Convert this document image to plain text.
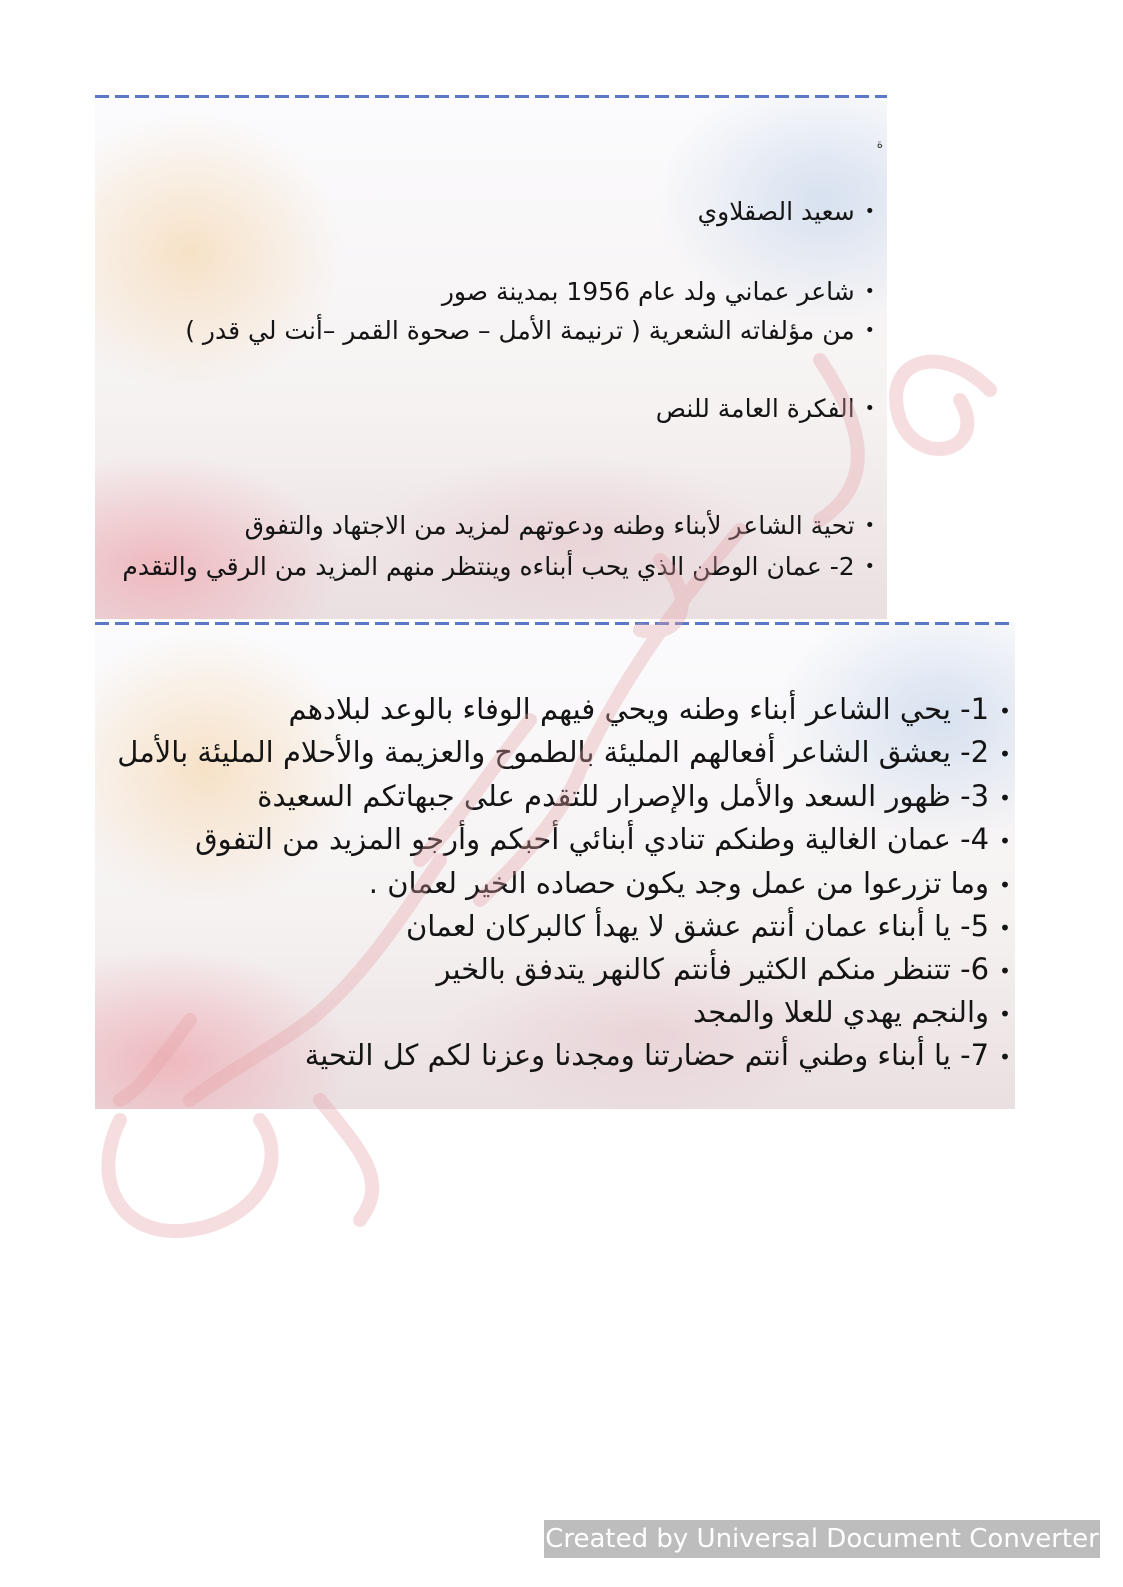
ة
•سعيد الصقلاوي
•شاعر عماني ولد عام 1956 بمدينة صور
•من مؤلفاته الشعرية ( ترنيمة الأمل – صحوة القمر –أنت لي قدر )
•الفكرة العامة للنص
•تحية الشاعر لأبناء وطنه ودعوتهم لمزيد من الاجتهاد والتفوق
•2- عمان الوطن الذي يحب أبناءه وينتظر منهم المزيد من الرقي والتقدم
•1- يحي الشاعر أبناء وطنه ويحي فيهم الوفاء بالوعد لبلادهم
•2- يعشق الشاعر أفعالهم المليئة بالطموح والعزيمة والأحلام المليئة بالأمل
•3- ظهور السعد والأمل والإصرار للتقدم على جبهاتكم السعيدة
•4- عمان الغالية وطنكم تنادي أبنائي أحبكم وأرجو المزيد من التفوق
•وما تزرعوا من عمل وجد يكون حصاده الخير لعمان .
•5- يا أبناء عمان أنتم عشق لا يهدأ كالبركان لعمان
•6- تتنظر منكم الكثير فأنتم كالنهر يتدفق بالخير
•والنجم يهدي للعلا والمجد
•7- يا أبناء وطني أنتم حضارتنا ومجدنا وعزنا لكم كل التحية
Created by Universal Document Converter
